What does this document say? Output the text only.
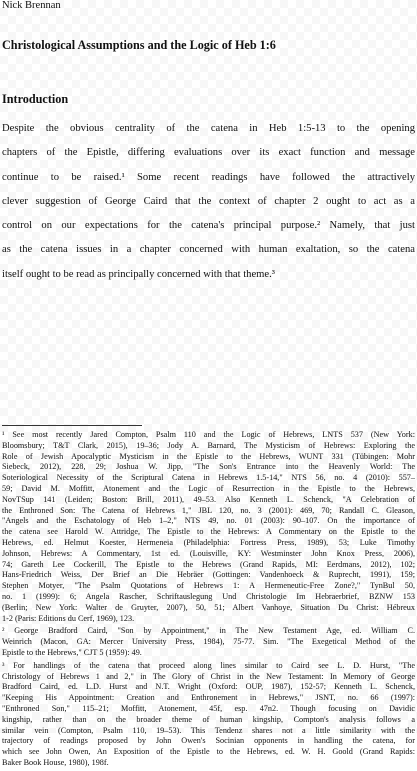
Nick Brennan
Christological Assumptions and the Logic of Heb 1:6
Introduction
Despite the obvious centrality of the catena in Heb 1:5-13 to the opening
chapters of the Epistle, differing evaluations over its exact function and message
continue to be raised.¹ Some recent readings have followed the attractively
clever suggestion of George Caird that the context of chapter 2 ought to act as a
control on our expectations for the catena's principal purpose.² Namely, that just
as the catena issues in a chapter concerned with human exaltation, so the catena
itself ought to be read as principally concerned with that theme.³

¹ See most recently Jared Compton, Psalm 110 and the Logic of Hebrews, LNTS 537 (New York:
Bloomsbury; T&T Clark, 2015), 19–36; Jody A. Barnard, The Mysticism of Hebrews: Exploring the
Role of Jewish Apocalyptic Mysticism in the Epistle to the Hebrews, WUNT 331 (Tübingen: Mohr
Siebeck, 2012), 228, 29; Joshua W. Jipp, "The Son's Entrance into the Heavenly World: The
Soteriological Necessity of the Scriptural Catena in Hebrews 1.5-14," NTS 56, no. 4 (2010): 557–
59; David M. Moffitt, Atonement and the Logic of Resurrection in the Epistle to the Hebrews,
NovTSup 141 (Leiden; Boston: Brill, 2011), 49–53. Also Kenneth L. Schenck, "A Celebration of
the Enthroned Son: The Catena of Hebrews 1," JBL 120, no. 3 (2001): 469, 70; Randall C. Gleason,
"Angels and the Eschatology of Heb 1–2," NTS 49, no. 01 (2003): 90–107. On the importance of
the catena see Harold W. Attridge, The Epistle to the Hebrews: A Commentary on the Epistle to the
Hebrews, ed. Helmut Koester, Hermeneia (Philadelphia: Fortress Press, 1989), 53; Luke Timothy
Johnson, Hebrews: A Commentary, 1st ed. (Louisville, KY: Westminster John Knox Press, 2006),
74; Gareth Lee Cockerill, The Epistle to the Hebrews (Grand Rapids, MI: Eerdmans, 2012), 102;
Hans-Friedrich Weiss, Der Brief an Die Hebräer (Gottingen: Vandenhoeck & Ruprecht, 1991), 159;
Stephen Motyer, "The Psalm Quotations of Hebrews 1: A Hermeneutic-Free Zone?," TynBul 50,
no. 1 (1999): 6; Angela Rascher, Schriftauslegung Und Christologie Im Hebraerbrief, BZNW 153
(Berlin; New York: Walter de Gruyter, 2007), 50, 51; Albert Vanhoye, Situation Du Christ: Hébreux
1-2 (Paris: Editions du Cerf, 1969), 123.

² George Bradford Caird, "Son by Appointment," in The New Testament Age, ed. William C.
Weinrich (Macon, GA: Mercer University Press, 1984), 75-77. Sim. "The Exegetical Method of the
Epistle to the Hebrews," CJT 5 (1959): 49.

³ For handlings of the catena that proceed along lines similar to Caird see L. D. Hurst, "The
Christology of Hebrews 1 and 2," in The Glory of Christ in the New Testament: In Memory of George
Bradford Caird, ed. L.D. Hurst and N.T. Wright (Oxford: OUP, 1987), 152-57; Kenneth L. Schenck,
"Keeping His Appointment: Creation and Enthronement in Hebrews," JSNT, no. 66 (1997):
"Enthroned Son," 115–21; Moffitt, Atonement, 45f, esp. 47n2. Though focusing on Davidic
kingship, rather than on the broader theme of human kingship, Compton's analysis follows a
similar vein (Compton, Psalm 110, 19–53). This Tendenz shares not a little similarity with the
trajectory of readings proposed by John Owen's Socinian opponents in handling the catena, for
which see John Owen, An Exposition of the Epistle to the Hebrews, ed. W. H. Goold (Grand Rapids:
Baker Book House, 1980), 198f.
